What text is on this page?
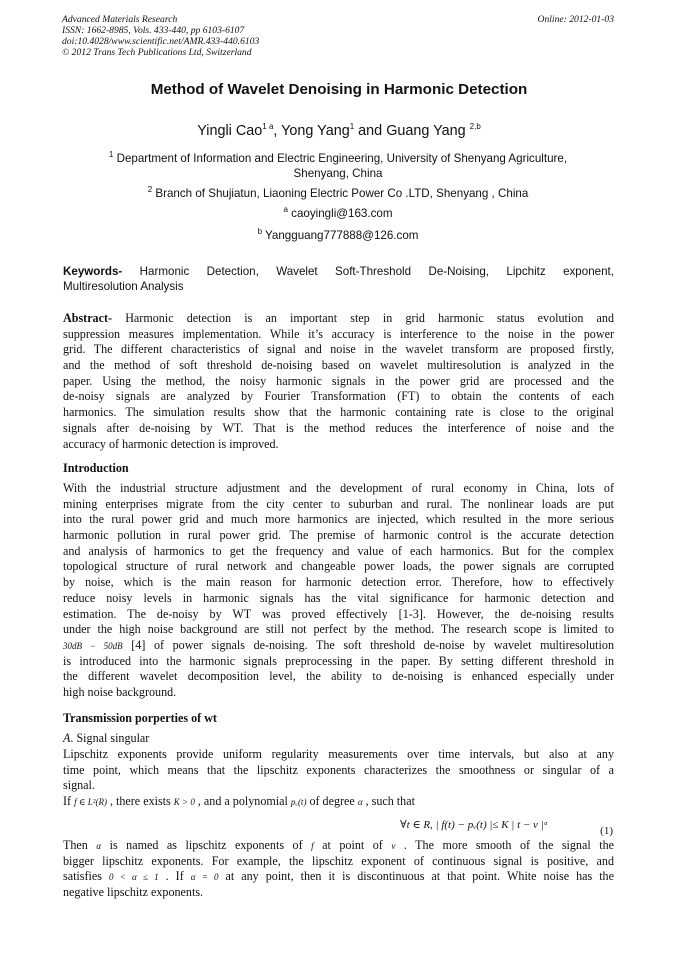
Advanced Materials Research
ISSN: 1662-8985, Vols. 433-440, pp 6103-6107
doi:10.4028/www.scientific.net/AMR.433-440.6103
© 2012 Trans Tech Publications Ltd, Switzerland
Online: 2012-01-03
Method of Wavelet Denoising in Harmonic Detection
Yingli Cao$^{1 a}$, Yong Yang$^1$ and Guang Yang $^{2,b}$
$^1$ Department of Information and Electric Engineering, University of Shenyang Agriculture,
Shenyang, China
$^2$ Branch of Shujiatun, Liaoning Electric Power Co .LTD, Shenyang , China
$^a$ caoyingli@163.com
$^b$ Yangguang777888@126.com
Keywords- Harmonic Detection, Wavelet Soft-Threshold De-Noising, Lipchitz exponent,
Multiresolution Analysis
Abstract- Harmonic detection is an important step in grid harmonic status evolution and
suppression measures implementation. While it’s accuracy is interference to the noise in the power
grid. The different characteristics of signal and noise in the wavelet transform are proposed firstly,
and the method of soft threshold de-noising based on wavelet multiresolution is analyzed in the
paper. Using the method, the noisy harmonic signals in the power grid are processed and the
de-noisy signals are analyzed by Fourier Transformation (FT) to obtain the contents of each
harmonics. The simulation results show that the harmonic containing rate is close to the original
signals after de-noising by WT. That is the method reduces the interference of noise and the
accuracy of harmonic detection is improved.
Introduction
With the industrial structure adjustment and the development of rural economy in China, lots of
mining enterprises migrate from the city center to suburban and rural. The nonlinear loads are put
into the rural power grid and much more harmonics are injected, which resulted in the more serious
harmonic pollution in rural power grid. The premise of harmonic control is the accurate detection
and analysis of harmonics to get the frequency and value of each harmonics. But for the complex
topological structure of rural network and changeable power loads, the power signals are corrupted
by noise, which is the main reason for harmonic detection error. Therefore, how to effectively
reduce noisy levels in harmonic signals has the vital significance for harmonic detection and
estimation. The de-noisy by WT was proved effectively [1-3]. However, the de-noising results
under the high noise background are still not perfect by the method. The research scope is limited to
30dB − 50dB [4] of power signals de-noising. The soft threshold de-noise by wavelet multiresolution
is introduced into the harmonic signals preprocessing in the paper. By setting different threshold in
the different wavelet decomposition level, the ability to de-noising is enhanced especially under
high noise background.
Transmission porperties of wt
A. Signal singular
Lipschitz exponents provide uniform regularity measurements over time intervals, but also at any
time point, which means that the lipschitz exponents characterizes the smoothness or singular of a
signal.
If f ∈ L²(R) , there exists K > 0 , and a polynomial pᵥ(t) of degree α , such that
∀t ∈ R, | f(t) − pᵥ(t) |≤ K | t − v |ᵅ	(1)
Then α is named as lipschitz exponents of f at point of v . The more smooth of the signal the
bigger lipschitz exponents. For example, the lipschitz exponent of continuous signal is positive, and
satisfies 0 < α ≤ 1 . If α = 0 at any point, then it is discontinuous at that point. White noise has the
negative lipschitz exponents.
